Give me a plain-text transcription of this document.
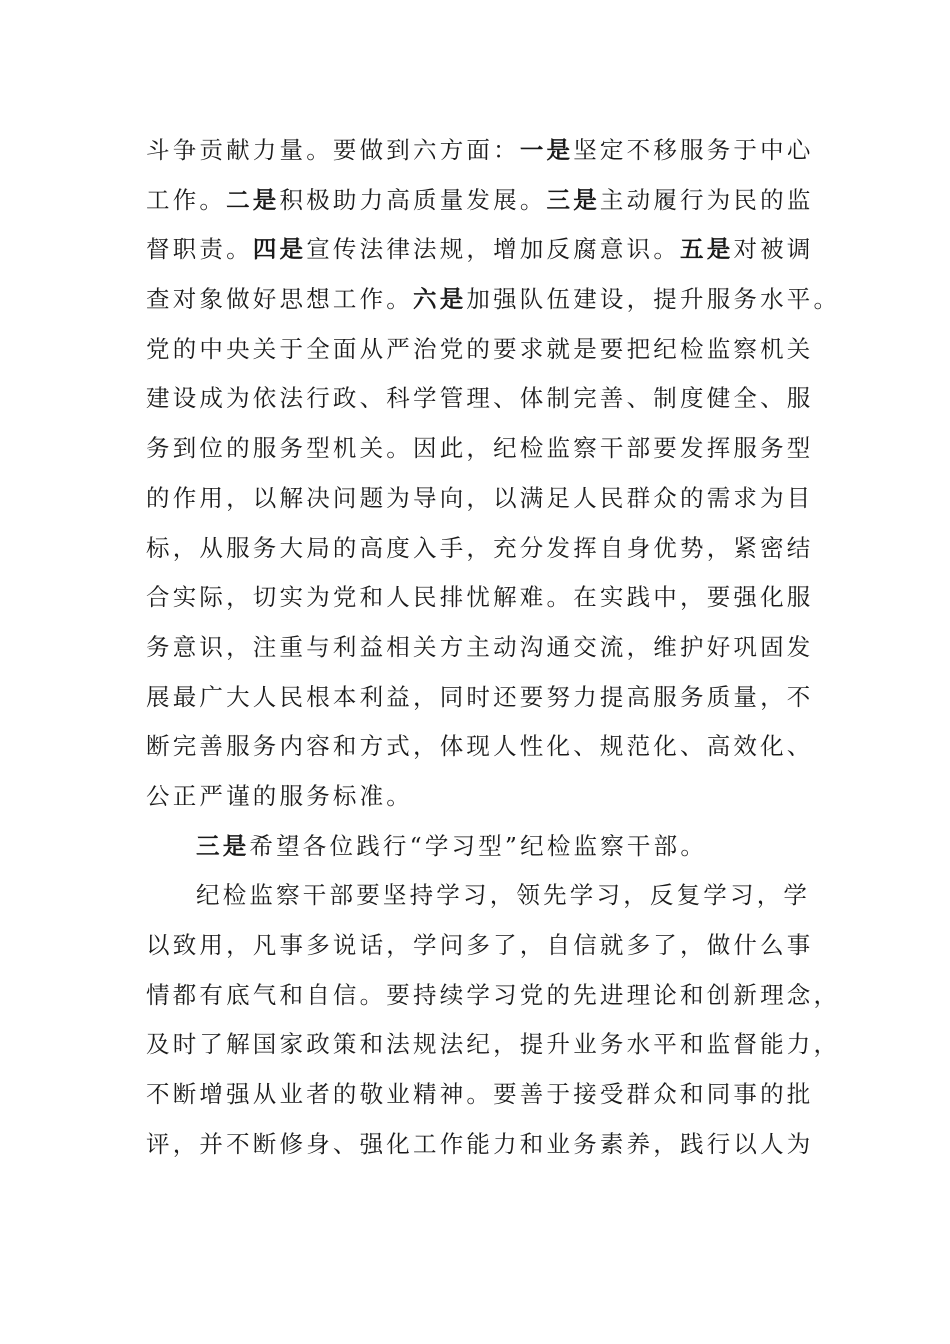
斗争贡献力量。要做到六方面：一是坚定不移服务于中心
工作。二是积极助力高质量发展。三是主动履行为民的监
督职责。四是宣传法律法规，增加反腐意识。五是对被调
查对象做好思想工作。六是加强队伍建设，提升服务水平。
党的中央关于全面从严治党的要求就是要把纪检监察机关
建设成为依法行政、科学管理、体制完善、制度健全、服
务到位的服务型机关。因此，纪检监察干部要发挥服务型
的作用，以解决问题为导向，以满足人民群众的需求为目
标，从服务大局的高度入手，充分发挥自身优势，紧密结
合实际，切实为党和人民排忧解难。在实践中，要强化服
务意识，注重与利益相关方主动沟通交流，维护好巩固发
展最广大人民根本利益，同时还要努力提高服务质量，不
断完善服务内容和方式，体现人性化、规范化、高效化、
公正严谨的服务标准。
三是希望各位践行“学习型”纪检监察干部。
纪检监察干部要坚持学习，领先学习，反复学习，学
以致用，凡事多说话，学问多了，自信就多了，做什么事
情都有底气和自信。要持续学习党的先进理论和创新理念，
及时了解国家政策和法规法纪，提升业务水平和监督能力，
不断增强从业者的敬业精神。要善于接受群众和同事的批
评，并不断修身、强化工作能力和业务素养，践行以人为
